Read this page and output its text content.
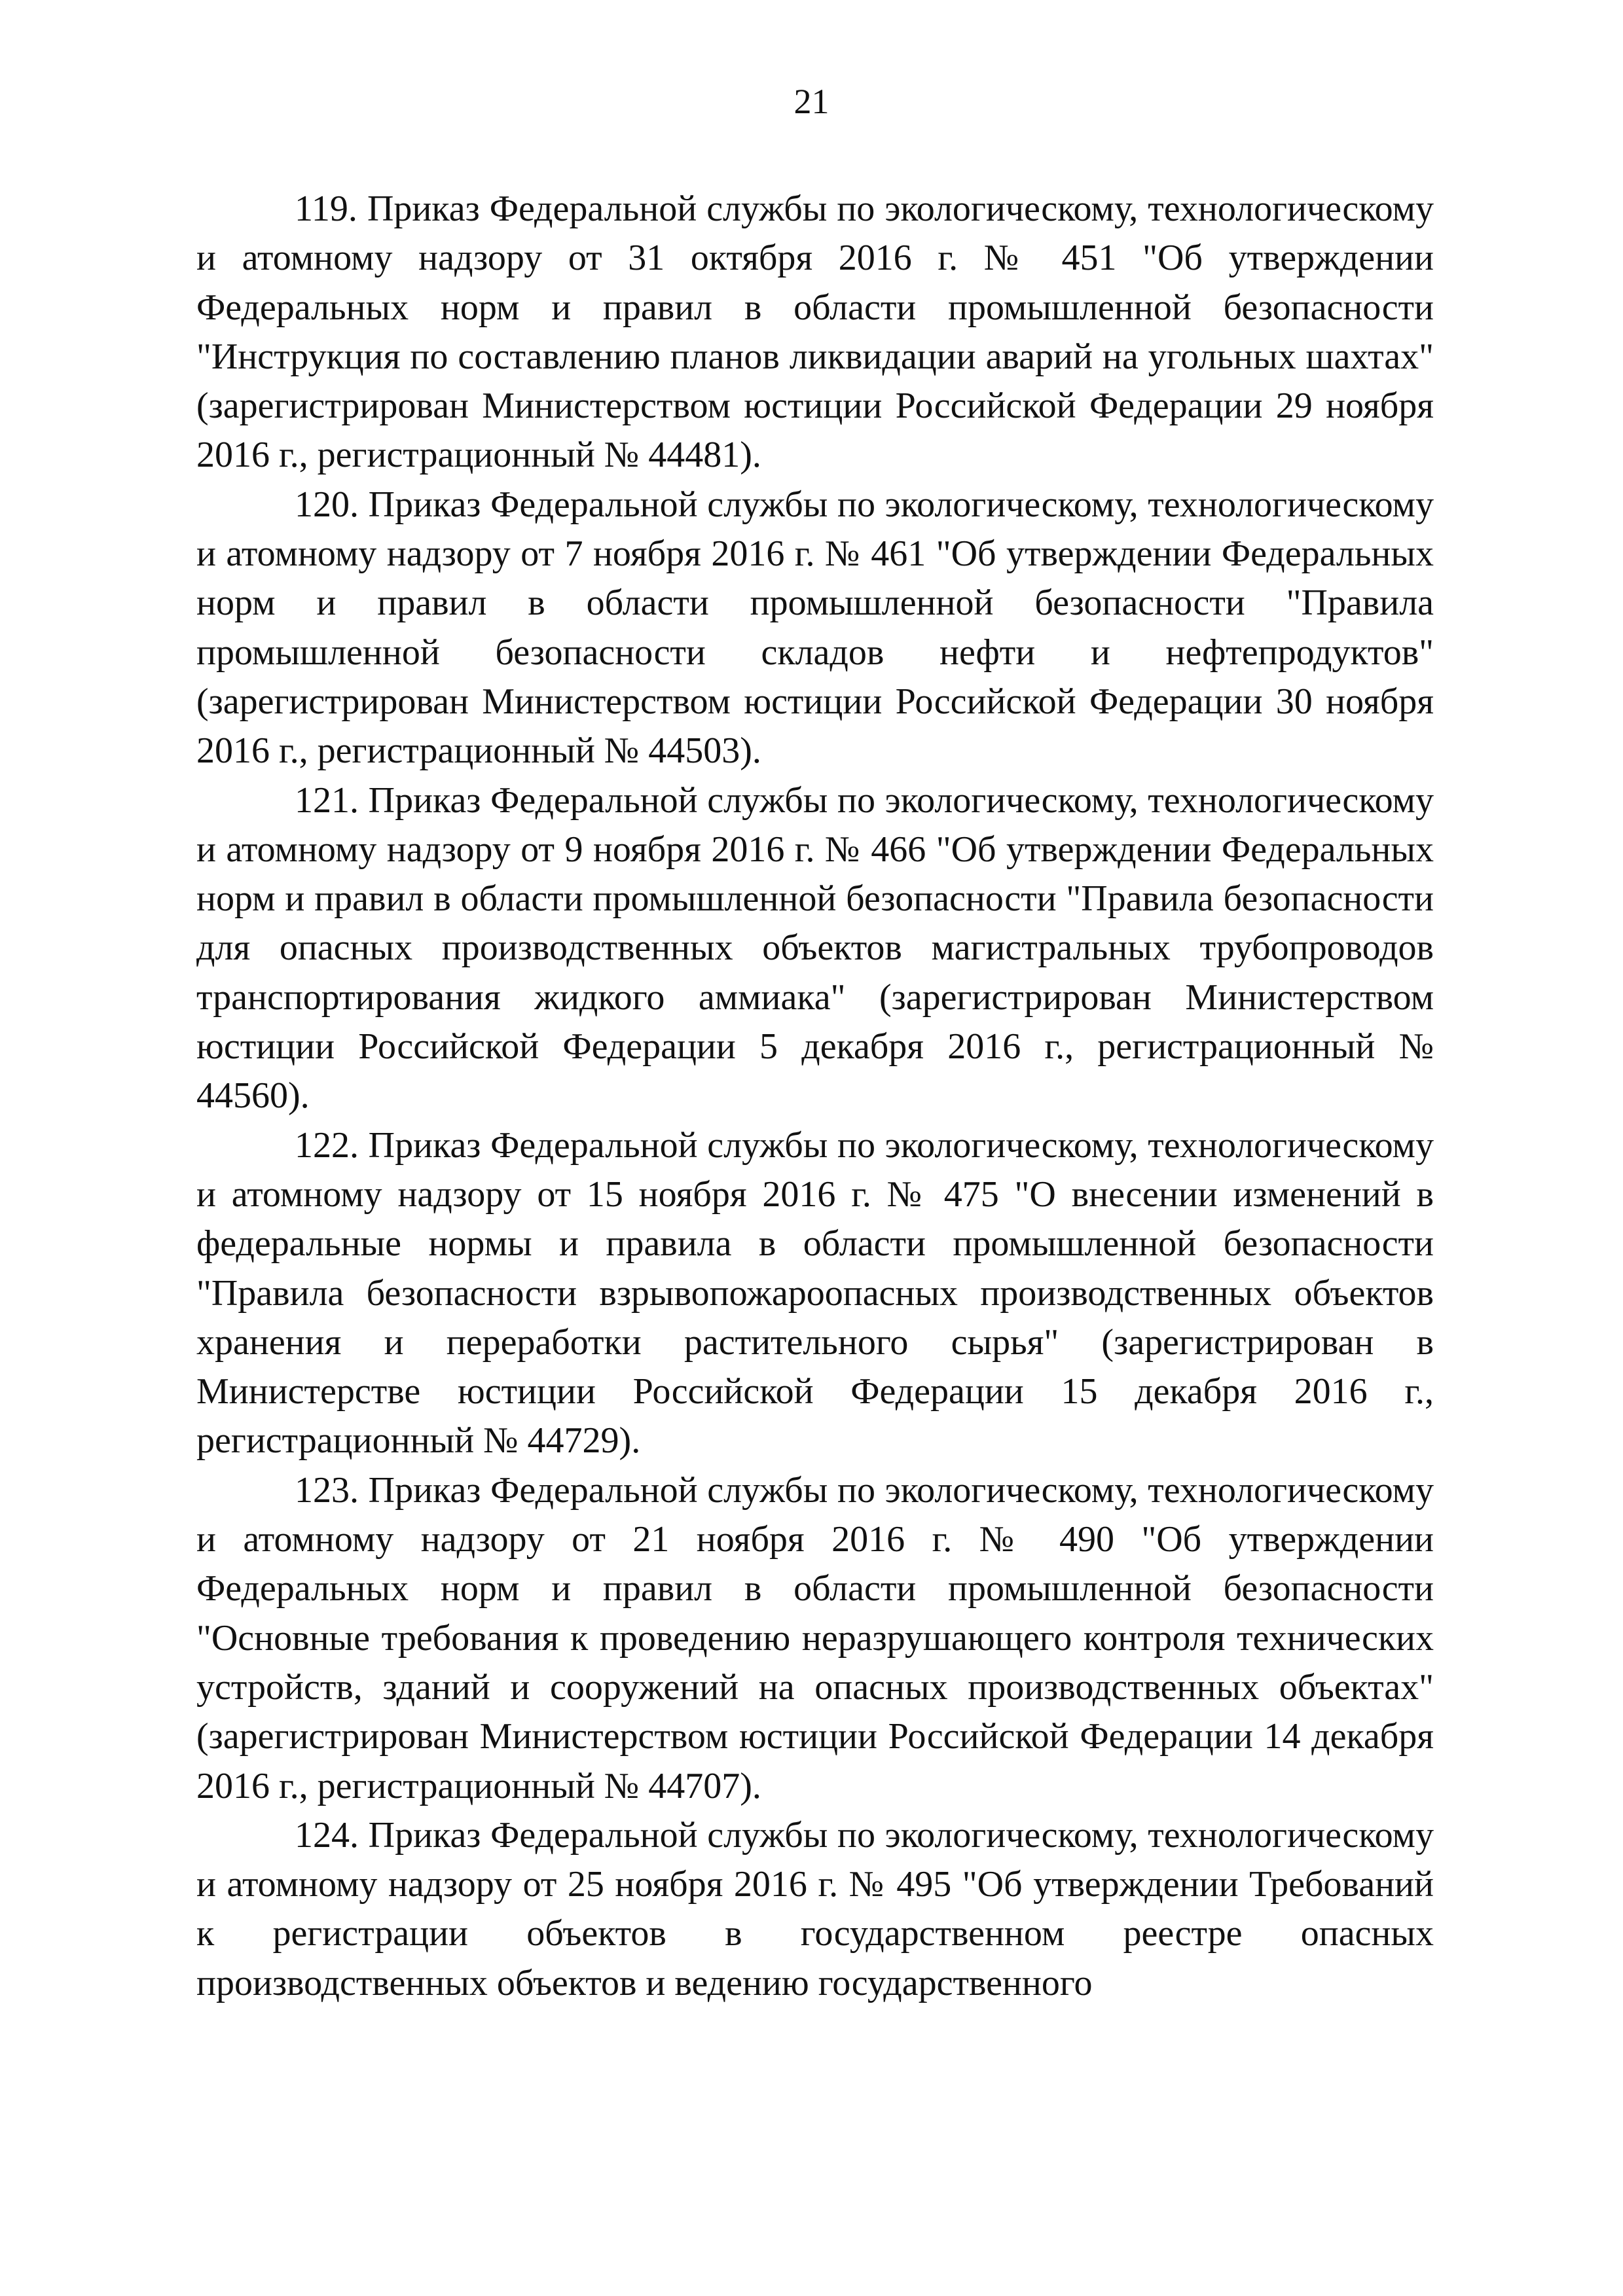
21

119. Приказ Федеральной службы по экологическому, технологическому и атомному надзору от 31 октября 2016 г. № 451 "Об утверждении Федеральных норм и правил в области промышленной безопасности "Инструкция по составлению планов ликвидации аварий на угольных шахтах" (зарегистрирован Министерством юстиции Российской Федерации 29 ноября 2016 г., регистрационный № 44481).

120. Приказ Федеральной службы по экологическому, технологическому и атомному надзору от 7 ноября 2016 г. № 461 "Об утверждении Федеральных норм и правил в области промышленной безопасности "Правила промышленной безопасности складов нефти и нефтепродуктов" (зарегистрирован Министерством юстиции Российской Федерации 30 ноября 2016 г., регистрационный № 44503).

121. Приказ Федеральной службы по экологическому, технологическому и атомному надзору от 9 ноября 2016 г. № 466 "Об утверждении Федеральных норм и правил в области промышленной безопасности "Правила безопасности для опасных производственных объектов магистральных трубопроводов транспортирования жидкого аммиака" (зарегистрирован Министерством юстиции Российской Федерации 5 декабря 2016 г., регистрационный № 44560).

122. Приказ Федеральной службы по экологическому, технологическому и атомному надзору от 15 ноября 2016 г. № 475 "О внесении изменений в федеральные нормы и правила в области промышленной безопасности "Правила безопасности взрывопожароопасных производственных объектов хранения и переработки растительного сырья" (зарегистрирован в Министерстве юстиции Российской Федерации 15 декабря 2016 г., регистрационный № 44729).

123. Приказ Федеральной службы по экологическому, технологическому и атомному надзору от 21 ноября 2016 г. № 490 "Об утверждении Федеральных норм и правил в области промышленной безопасности "Основные требования к проведению неразрушающего контроля технических устройств, зданий и сооружений на опасных производственных объектах" (зарегистрирован Министерством юстиции Российской Федерации 14 декабря 2016 г., регистрационный № 44707).

124. Приказ Федеральной службы по экологическому, технологическому и атомному надзору от 25 ноября 2016 г. № 495 "Об утверждении Требований к регистрации объектов в государственном реестре опасных производственных объектов и ведению государственного
